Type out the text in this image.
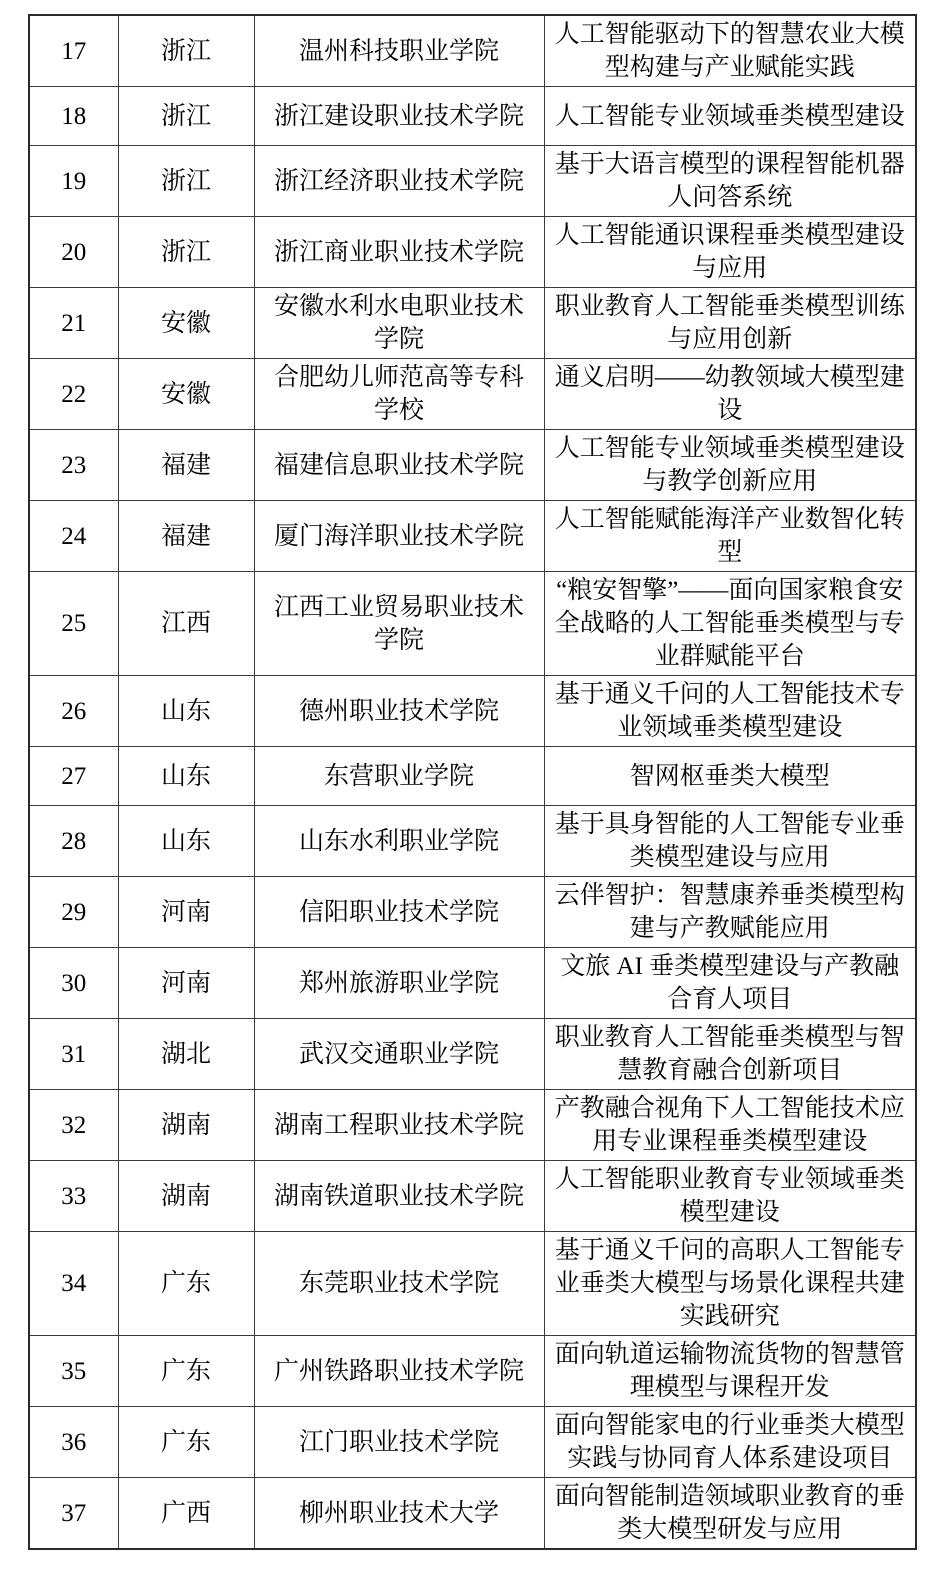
17	浙江	温州科技职业学院	人工智能驱动下的智慧农业大模型构建与产业赋能实践
18	浙江	浙江建设职业技术学院	人工智能专业领域垂类模型建设
19	浙江	浙江经济职业技术学院	基于大语言模型的课程智能机器人问答系统
20	浙江	浙江商业职业技术学院	人工智能通识课程垂类模型建设与应用
21	安徽	安徽水利水电职业技术学院	职业教育人工智能垂类模型训练与应用创新
22	安徽	合肥幼儿师范高等专科学校	通义启明——幼教领域大模型建设
23	福建	福建信息职业技术学院	人工智能专业领域垂类模型建设与教学创新应用
24	福建	厦门海洋职业技术学院	人工智能赋能海洋产业数智化转型
25	江西	江西工业贸易职业技术学院	“粮安智擎”——面向国家粮食安全战略的人工智能垂类模型与专业群赋能平台
26	山东	德州职业技术学院	基于通义千问的人工智能技术专业领域垂类模型建设
27	山东	东营职业学院	智网枢垂类大模型
28	山东	山东水利职业学院	基于具身智能的人工智能专业垂类模型建设与应用
29	河南	信阳职业技术学院	云伴智护：智慧康养垂类模型构建与产教赋能应用
30	河南	郑州旅游职业学院	文旅 AI 垂类模型建设与产教融合育人项目
31	湖北	武汉交通职业学院	职业教育人工智能垂类模型与智慧教育融合创新项目
32	湖南	湖南工程职业技术学院	产教融合视角下人工智能技术应用专业课程垂类模型建设
33	湖南	湖南铁道职业技术学院	人工智能职业教育专业领域垂类模型建设
34	广东	东莞职业技术学院	基于通义千问的高职人工智能专业垂类大模型与场景化课程共建实践研究
35	广东	广州铁路职业技术学院	面向轨道运输物流货物的智慧管理模型与课程开发
36	广东	江门职业技术学院	面向智能家电的行业垂类大模型实践与协同育人体系建设项目
37	广西	柳州职业技术大学	面向智能制造领域职业教育的垂类大模型研发与应用
